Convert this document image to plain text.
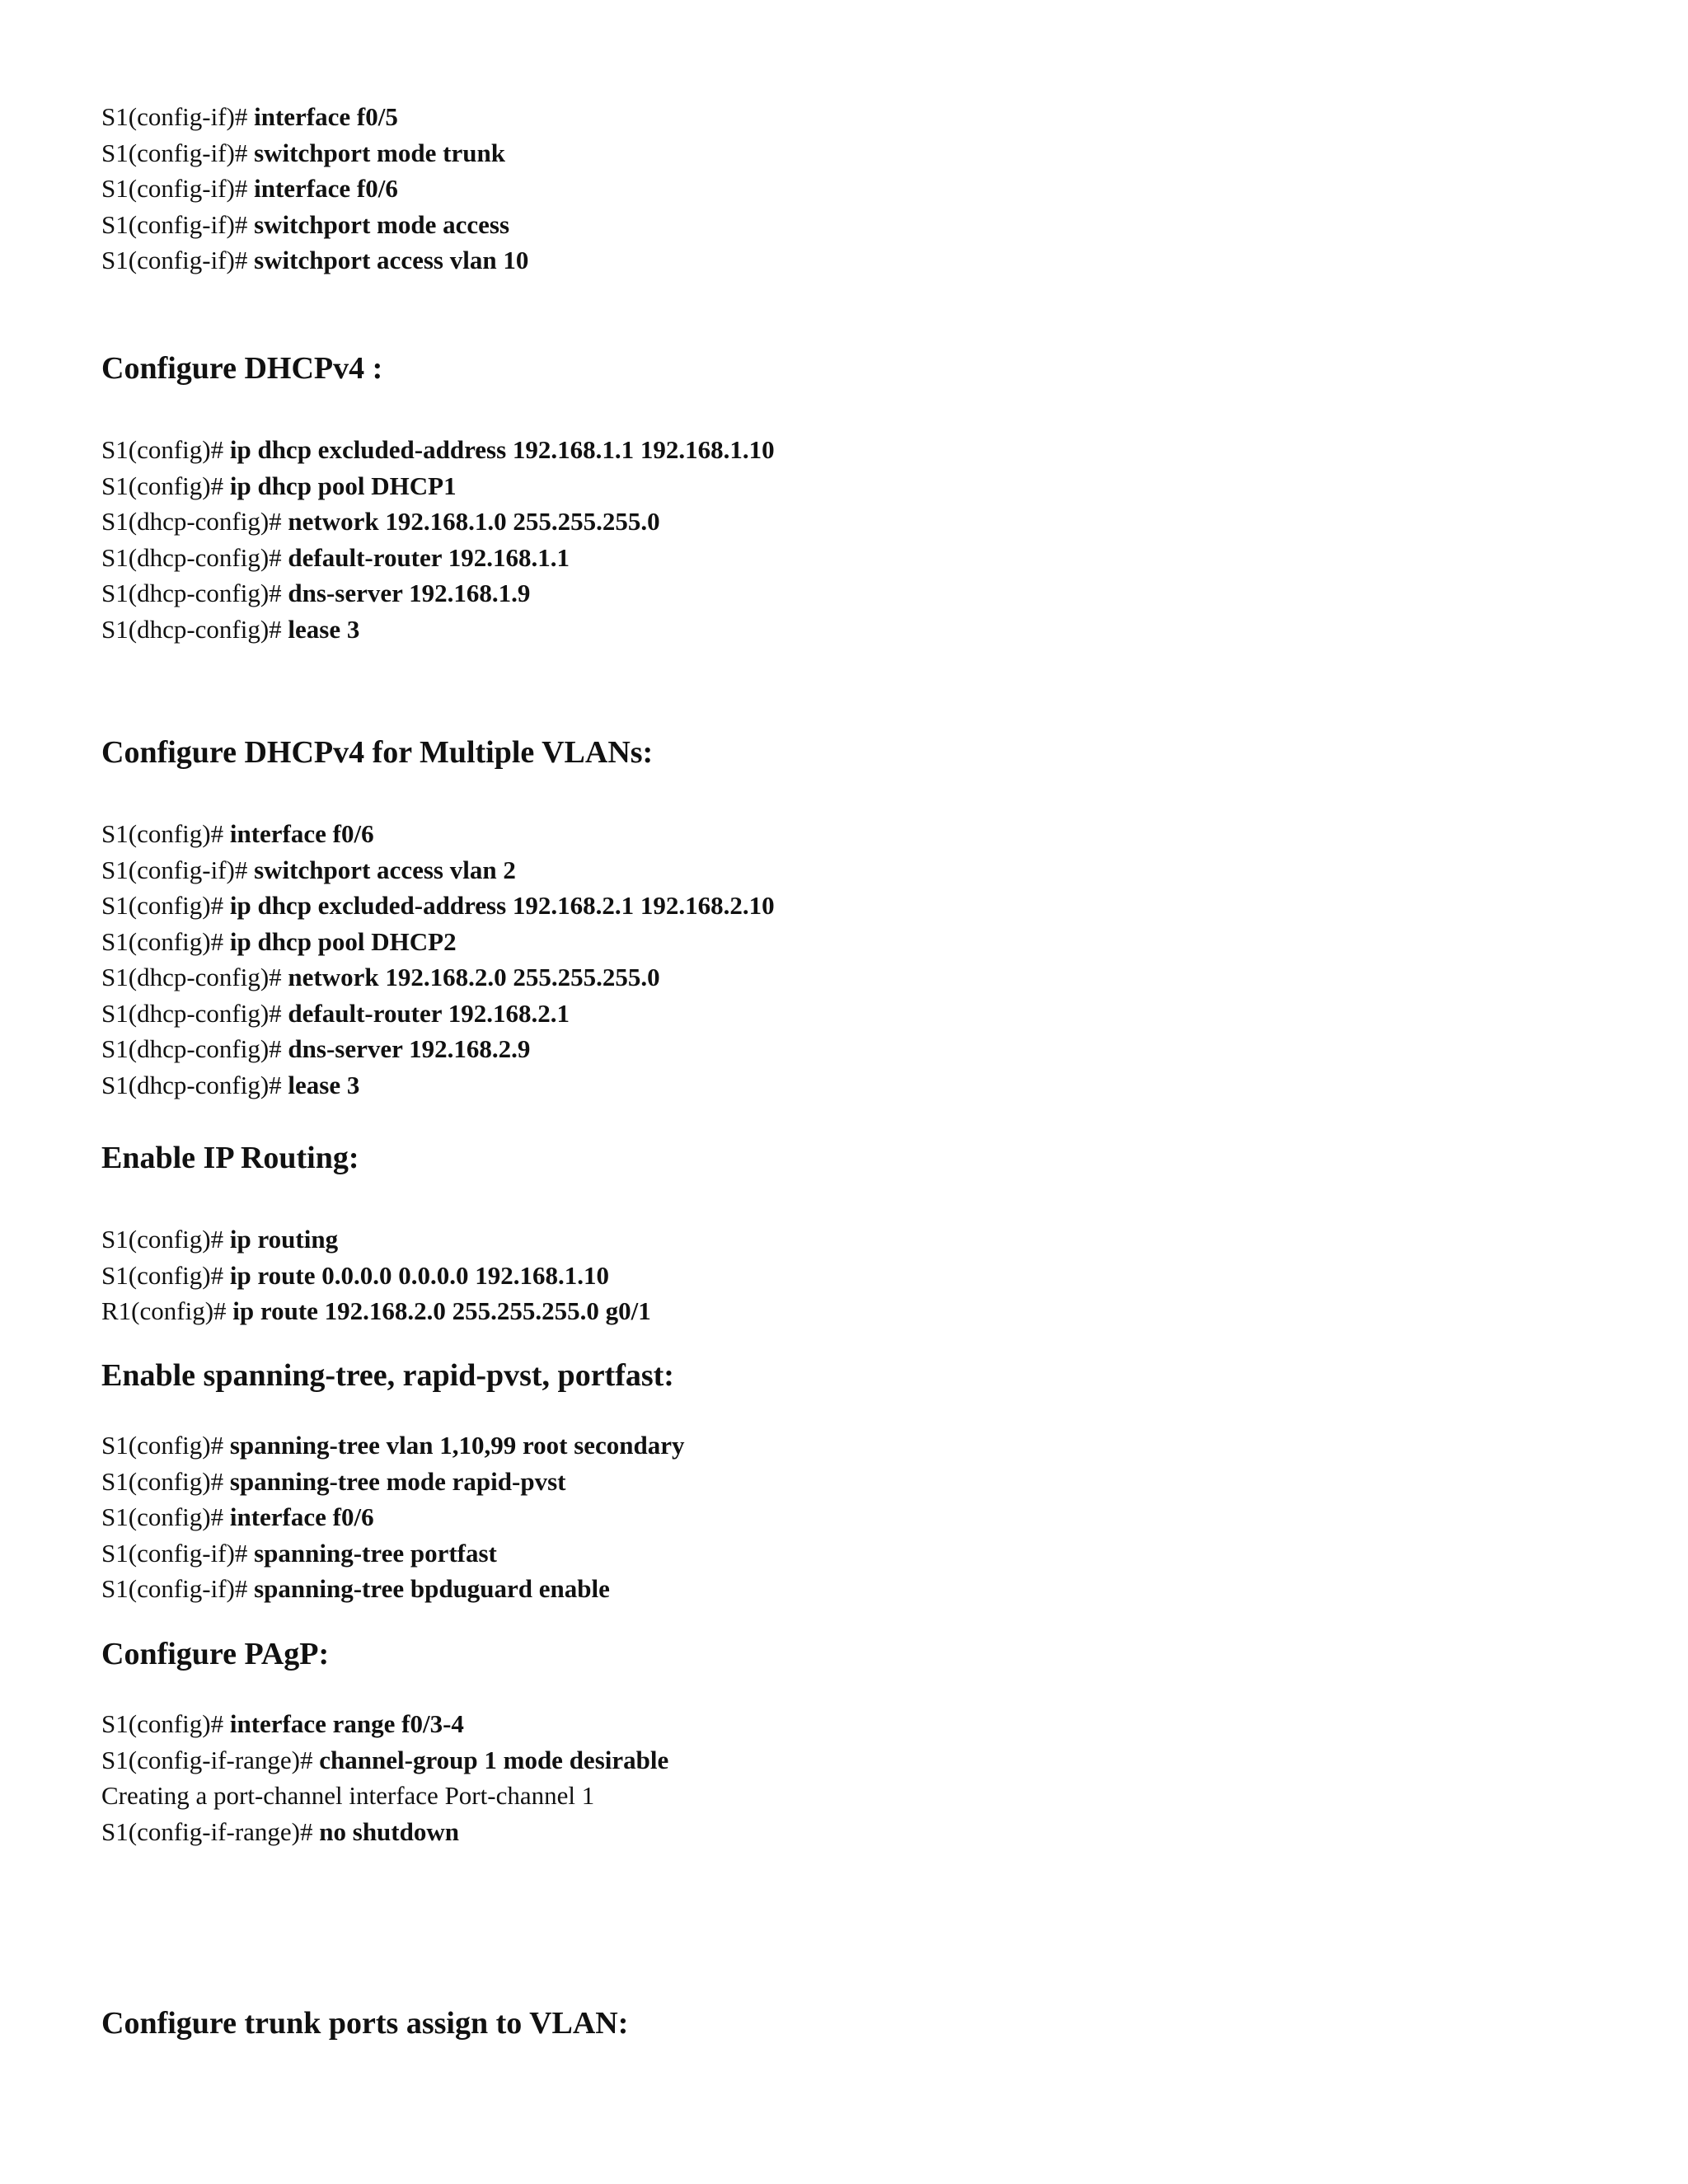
S1(config-if)# interface f0/5
S1(config-if)# switchport mode trunk
S1(config-if)# interface f0/6
S1(config-if)# switchport mode access
S1(config-if)# switchport access vlan 10
Configure DHCPv4 :
S1(config)# ip dhcp excluded-address 192.168.1.1 192.168.1.10
S1(config)# ip dhcp pool DHCP1
S1(dhcp-config)# network 192.168.1.0 255.255.255.0
S1(dhcp-config)# default-router 192.168.1.1
S1(dhcp-config)# dns-server 192.168.1.9
S1(dhcp-config)# lease 3
Configure DHCPv4 for Multiple VLANs:
S1(config)# interface f0/6
S1(config-if)# switchport access vlan 2
S1(config)# ip dhcp excluded-address 192.168.2.1 192.168.2.10
S1(config)# ip dhcp pool DHCP2
S1(dhcp-config)# network 192.168.2.0 255.255.255.0
S1(dhcp-config)# default-router 192.168.2.1
S1(dhcp-config)# dns-server 192.168.2.9
S1(dhcp-config)# lease 3
Enable IP Routing:
S1(config)# ip routing
S1(config)# ip route 0.0.0.0 0.0.0.0 192.168.1.10
R1(config)# ip route 192.168.2.0 255.255.255.0 g0/1
Enable spanning-tree, rapid-pvst, portfast:
S1(config)# spanning-tree vlan 1,10,99 root secondary
S1(config)# spanning-tree mode rapid-pvst
S1(config)# interface f0/6
S1(config-if)# spanning-tree portfast
S1(config-if)# spanning-tree bpduguard enable
Configure PAgP:
S1(config)# interface range f0/3-4
S1(config-if-range)# channel-group 1 mode desirable
Creating a port-channel interface Port-channel 1
S1(config-if-range)# no shutdown
Configure trunk ports assign to VLAN:
